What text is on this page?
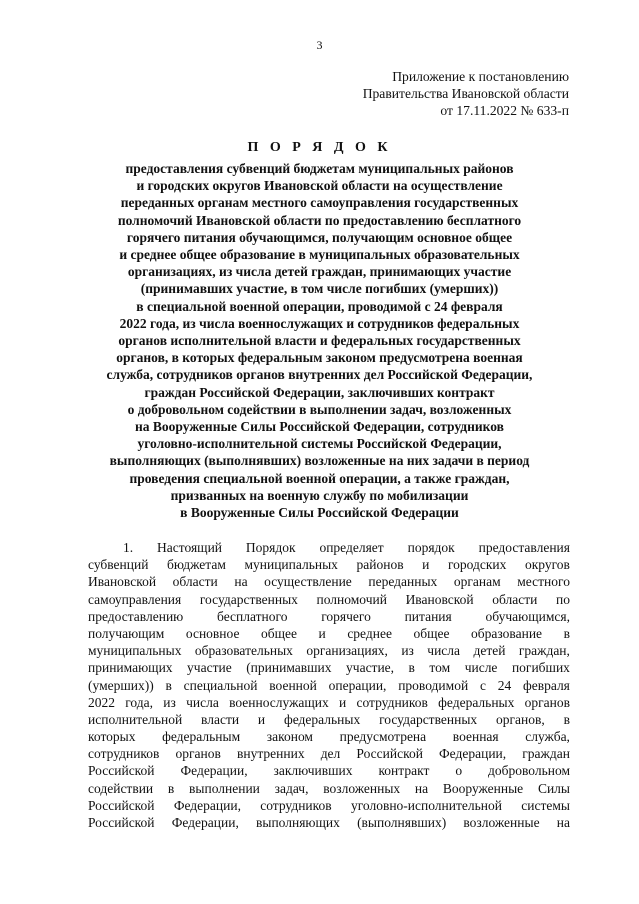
3
Приложение к постановлению
Правительства Ивановской области
от 17.11.2022 № 633-п
П О Р Я Д О К
предоставления субвенций бюджетам муниципальных районов
и городских округов Ивановской области на осуществление
переданных органам местного самоуправления государственных
полномочий Ивановской области по предоставлению бесплатного
горячего питания обучающимся, получающим основное общее
и среднее общее образование в муниципальных образовательных
организациях, из числа детей граждан, принимающих участие
(принимавших участие, в том числе погибших (умерших))
в специальной военной операции, проводимой с 24 февраля
2022 года, из числа военнослужащих и сотрудников федеральных
органов исполнительной власти и федеральных государственных
органов, в которых федеральным законом предусмотрена военная
служба, сотрудников органов внутренних дел Российской Федерации,
граждан Российской Федерации, заключивших контракт
о добровольном содействии в выполнении задач, возложенных
на Вооруженные Силы Российской Федерации, сотрудников
уголовно-исполнительной системы Российской Федерации,
выполняющих (выполнявших) возложенные на них задачи в период
проведения специальной военной операции, а также граждан,
призванных на военную службу по мобилизации
в Вооруженные Силы Российской Федерации
1. Настоящий Порядок определяет порядок предоставления
субвенций бюджетам муниципальных районов и городских округов
Ивановской области на осуществление переданных органам местного
самоуправления государственных полномочий Ивановской области по
предоставлению бесплатного горячего питания обучающимся,
получающим основное общее и среднее общее образование в
муниципальных образовательных организациях, из числа детей граждан,
принимающих участие (принимавших участие, в том числе погибших
(умерших)) в специальной военной операции, проводимой с 24 февраля
2022 года, из числа военнослужащих и сотрудников федеральных органов
исполнительной власти и федеральных государственных органов, в
которых федеральным законом предусмотрена военная служба,
сотрудников органов внутренних дел Российской Федерации, граждан
Российской Федерации, заключивших контракт о добровольном
содействии в выполнении задач, возложенных на Вооруженные Силы
Российской Федерации, сотрудников уголовно-исполнительной системы
Российской Федерации, выполняющих (выполнявших) возложенные на
